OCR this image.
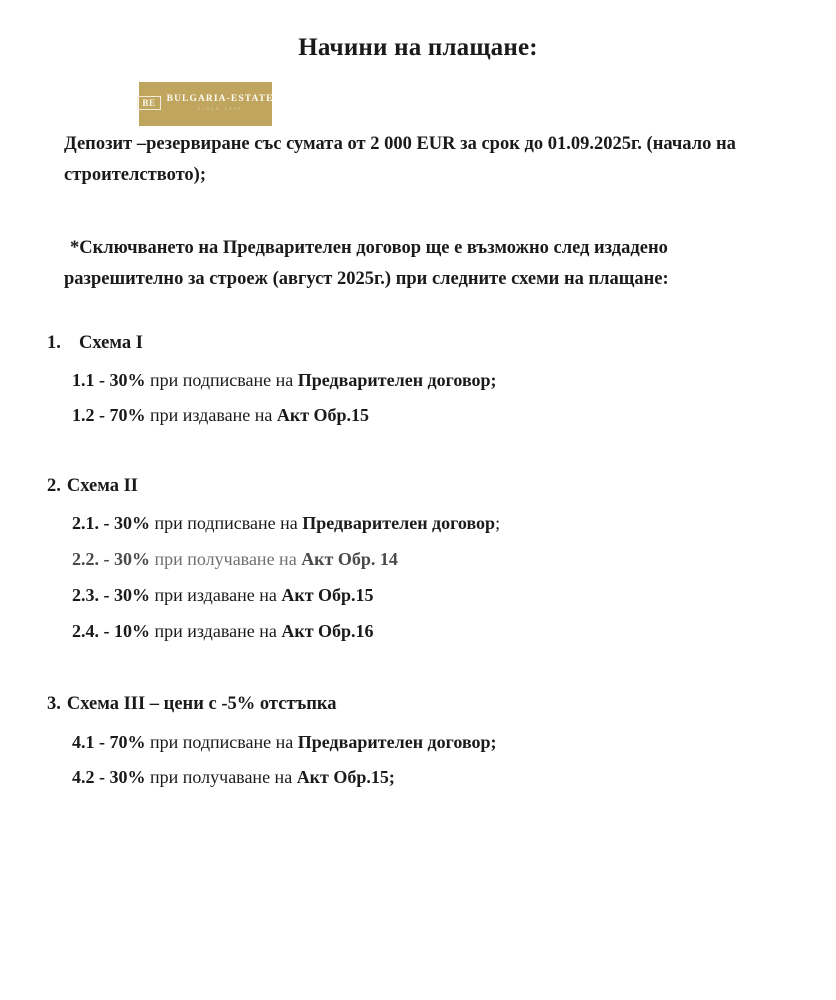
Начини на плащане:
BE	BULGARIA-ESTATE
SINCE 1999
Депозит –резервиране със сумата от 2 000 EUR за срок до 01.09.2025г. (начало на строителството);
*Сключването на Предварителен договор ще е възможно след издадено разрешително за строеж (август 2025г.) при следните схеми на плащане:
1. Схема I
1.1 - 30% при подписване на Предварителен договор;
1.2 - 70% при издаване на Акт Обр.15
2. Схема II
2.1. - 30% при подписване на Предварителен договор;
2.2. - 30% при получаване на Акт Обр. 14
2.3. - 30% при издаване на Акт Обр.15
2.4. - 10% при издаване на Акт Обр.16
3. Схема III – цени с -5% отстъпка
4.1 - 70% при подписване на Предварителен договор;
4.2 - 30% при получаване на Акт Обр.15;
